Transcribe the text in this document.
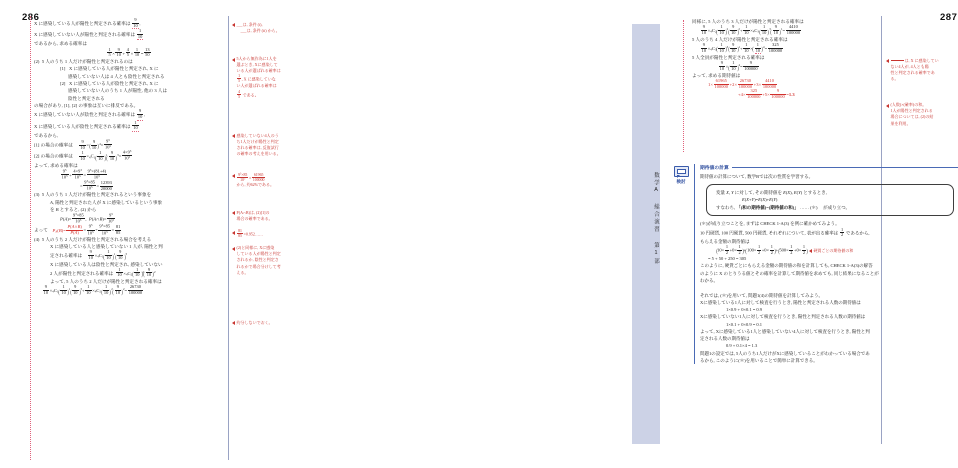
286
X に感染している人が陽性と判定される確率は $\frac{9}{10}$ ,
X に感染していない人が陽性と判定される確率は $\frac{1}{10}$
であるから, 求める確率は
$\frac{1}{5} \times \frac{9}{10} + \frac{4}{5} \times \frac{1}{10} = \frac{13}{50}$
(2)  5 人のうち 1 人だけが陽性と判定されるのは
[1]   X に感染している人が陽性と判定され, X に
感染していない人は 4 人とも陰性と判定される
[2]   X に感染している人が陰性と判定され, X に
感染していない人のうち 1 人が陽性, 他の 3 人は
陰性と判定される
の場合があり, [1], [2] の事象は互いに排反である。
X に感染していない人が陰性と判定される確率は $\frac{9}{10}$ ,
X に感染している人が陰性と判定される確率は $\frac{1}{10}$
であるから,
[1] の場合の確率は $\frac{9}{10}$ ×( $\frac{9}{10} )^4= \frac{9^5}{10^5}$
[2] の場合の確率は $\frac{1}{10} \times_4C_1( \frac{1}{10} )^1( \frac{9}{10} )^3= \frac{4\times 9^3}{10^5}$
よって, 求める確率は
$\frac{9^5}{10^5} + \frac{4\times 9^3}{10^5} = \frac{9^3\times(81+4)}{10^5}$
= $\frac{9^3\times 85}{10^5} = \frac{12393}{20000}$
(3)  5 人のうち 1 人だけが陽性と判定されるという事象を
A, 陽性と判定された人が X に感染しているという事象
を B とすると, (2) から
$P(A)= \frac{9^3\times 85}{10^5}$ ,  P(A∩B)= $\frac{9^5}{10^5}$
よって    $P_A(B)= \frac{P(A\cap B)}{P(A)} = \frac{9^5}{10^5} \div \frac{9^3\times 85}{10^5} = \frac{81}{85}$
(4)  5 人のうち 2 人だけが陽性と判定される場合を考える
X に感染している人と感染していない 1 人が, 陽性と判
定される確率は $\frac{9}{10} \times_4C_1( \frac{1}{10} )^1( \frac{9}{10} )^3$
X に感染している人は陰性と判定され, 感染していない
2 人が陽性と判定される確率は $\frac{1}{10} \times_4C_2( \frac{1}{10} )^2( \frac{9}{10} )^2$
よって, 5 人のうち 2 人だけが陽性と判定される確率は
$\frac{9}{10} \times_4C_1( \frac{1}{10} )^1( \frac{9}{10} )^3+ \frac{1}{10} \times_4C_2( \frac{1}{10} )^2( \frac{9}{10} )^2= \frac{26730}{100000}$
___は, 条件 (i),
___は, 条件 (ii) から。
5人から無作為に1人を
選ぶとき, Xに感染して
いる人が選ばれる確率は
$\frac{1}{5}$ , X に感染していな
い人が選ばれる確率は
$\frac{4}{5}$ である。
感染していない4人のう
ち1人だけが陽性と判定
される確率は, 反復試行
の確率の考えを用いる。
$\frac{9^3\times 85}{10^5} = \frac{61965}{100000}$
から, 約62%である。
P(A∩B)は, (2)[1]の
場合の確率である。
$\frac{81}{85}$ =0.952……
(2)と同様に, Xに感染
している人が陽性と判定
されるか, 陰性と判定さ
れるかで場合分けして考
える。
約分しないでおく。
287
同様に, 5 人のうち 3 人だけが陽性と判定される確率は
$\frac{9}{10} \times_4C_2( \frac{1}{10} )^2( \frac{9}{10} )^2+ \frac{1}{10} \times_4C_3( \frac{1}{10} )^3( \frac{9}{10} )^1= \frac{4410}{100000}$
5 人のうち 4 人だけが陽性と判定される確率は
$\frac{9}{10} \times_4C_3( \frac{1}{10} )^3( \frac{9}{10} )^1+ \frac{1}{10}$ ×( $\frac{1}{10} )^4= \frac{325}{100000}$
5 人全員が陽性と判定される確率は
$\frac{9}{10}$ ×( $\frac{1}{10} )^4= \frac{9}{100000}$
よって, 求める期待値は
$1\times \frac{61965}{100000} +2\times \frac{26730}{100000} +3\times \frac{4410}{100000}$
$+4\times \frac{325}{100000} +5\times \frac{9}{100000} =1.3$
は, X に感染してい
ない4人が, 4人とも陽
性と判定される確率であ
る。
(人数)×(確率)の和。
1人が陽性と判定される
場合については, (2)の結
果を利用。
検討
期待値の計算
期待値の計算について, 数学Bでは次の性質を学習する。
変量 X, Y に対して, その期待値を E(X), E(Y) とするとき,
E(X+Y)=E(X)+E(Y)
すなわち, 「(和の期待値)=(期待値の和)」 …… (＊)     が成り立つ。
(＊)が成り立つことを, まずは CHECK 1-A(3) を例に確かめてみよう。
10 円硬貨, 100 円硬貨, 500 円硬貨, それぞれについて, 表が出る確率は $\frac{1}{2}$ であるから,
もらえる金額の期待値は
$(10\times \frac{1}{2} +0\times \frac{1}{2} )+(100\times \frac{1}{2} +0\times \frac{1}{2} )+(500\times \frac{1}{2} +0\times \frac{1}{2}$ ) 硬貨ごとの期待値の和
= 5 + 50 + 250 = 305
このように, 硬貨ごとにもらえる金額の期待値の和を計算しても, CHECK 1-A(3)の解答
のように X のとりうる値とその確率を計算して期待値を求めても, 同じ結果になることが
わかる。

それでは, (＊)を用いて, 問題1(4)の期待値を計算してみよう。
Xに感染している1人に対して検査を行うとき, 陽性と判定される人数の期待値は
1×0.9 + 0×0.1 = 0.9
Xに感染していない1人に対して検査を行うとき, 陽性と判定される人数の期待値は
1×0.1 + 0×0.9 = 0.1
よって, Xに感染している1人と感染していない4人に対して検査を行うとき, 陽性と判
定される人数の期待値は
0.9 + 0.1×4 = 1.3
問題1の設定では, 5人のうち1人だけがXに感染していることがわかっている場合であ
るから, このように(＊)を用いることで簡単に計算できる。
数学A 総合演習 第1部
